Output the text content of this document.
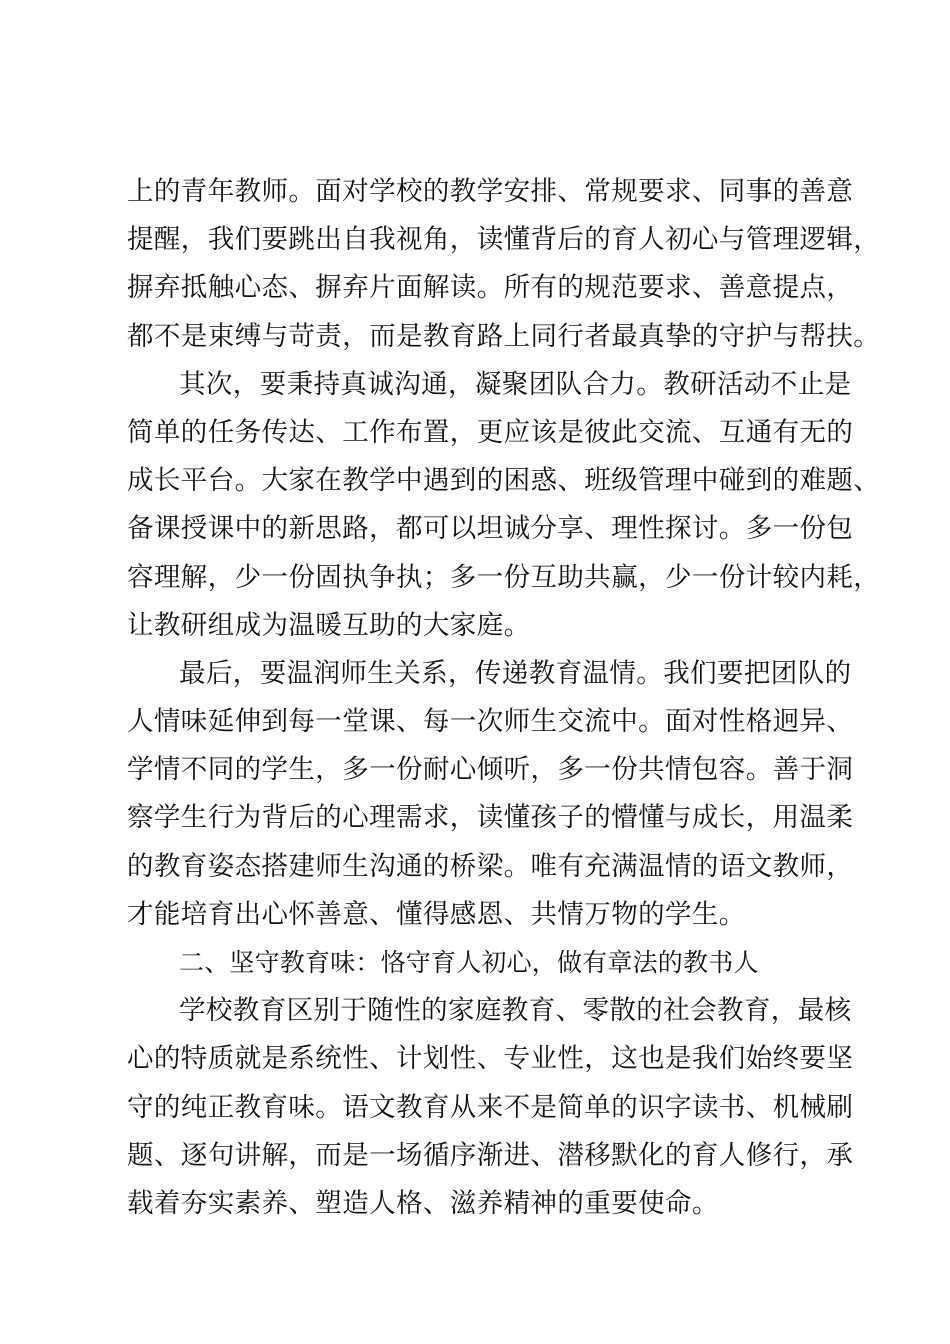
上的青年教师。面对学校的教学安排、常规要求、同事的善意
提醒，我们要跳出自我视角，读懂背后的育人初心与管理逻辑，
摒弃抵触心态、摒弃片面解读。所有的规范要求、善意提点，
都不是束缚与苛责，而是教育路上同行者最真挚的守护与帮扶。
其次，要秉持真诚沟通，凝聚团队合力。教研活动不止是
简单的任务传达、工作布置，更应该是彼此交流、互通有无的
成长平台。大家在教学中遇到的困惑、班级管理中碰到的难题、
备课授课中的新思路，都可以坦诚分享、理性探讨。多一份包
容理解，少一份固执争执；多一份互助共赢，少一份计较内耗，
让教研组成为温暖互助的大家庭。
最后，要温润师生关系，传递教育温情。我们要把团队的
人情味延伸到每一堂课、每一次师生交流中。面对性格迥异、
学情不同的学生，多一份耐心倾听，多一份共情包容。善于洞
察学生行为背后的心理需求，读懂孩子的懵懂与成长，用温柔
的教育姿态搭建师生沟通的桥梁。唯有充满温情的语文教师，
才能培育出心怀善意、懂得感恩、共情万物的学生。
二、坚守教育味：恪守育人初心，做有章法的教书人
学校教育区别于随性的家庭教育、零散的社会教育，最核
心的特质就是系统性、计划性、专业性，这也是我们始终要坚
守的纯正教育味。语文教育从来不是简单的识字读书、机械刷
题、逐句讲解，而是一场循序渐进、潜移默化的育人修行，承
载着夯实素养、塑造人格、滋养精神的重要使命。
